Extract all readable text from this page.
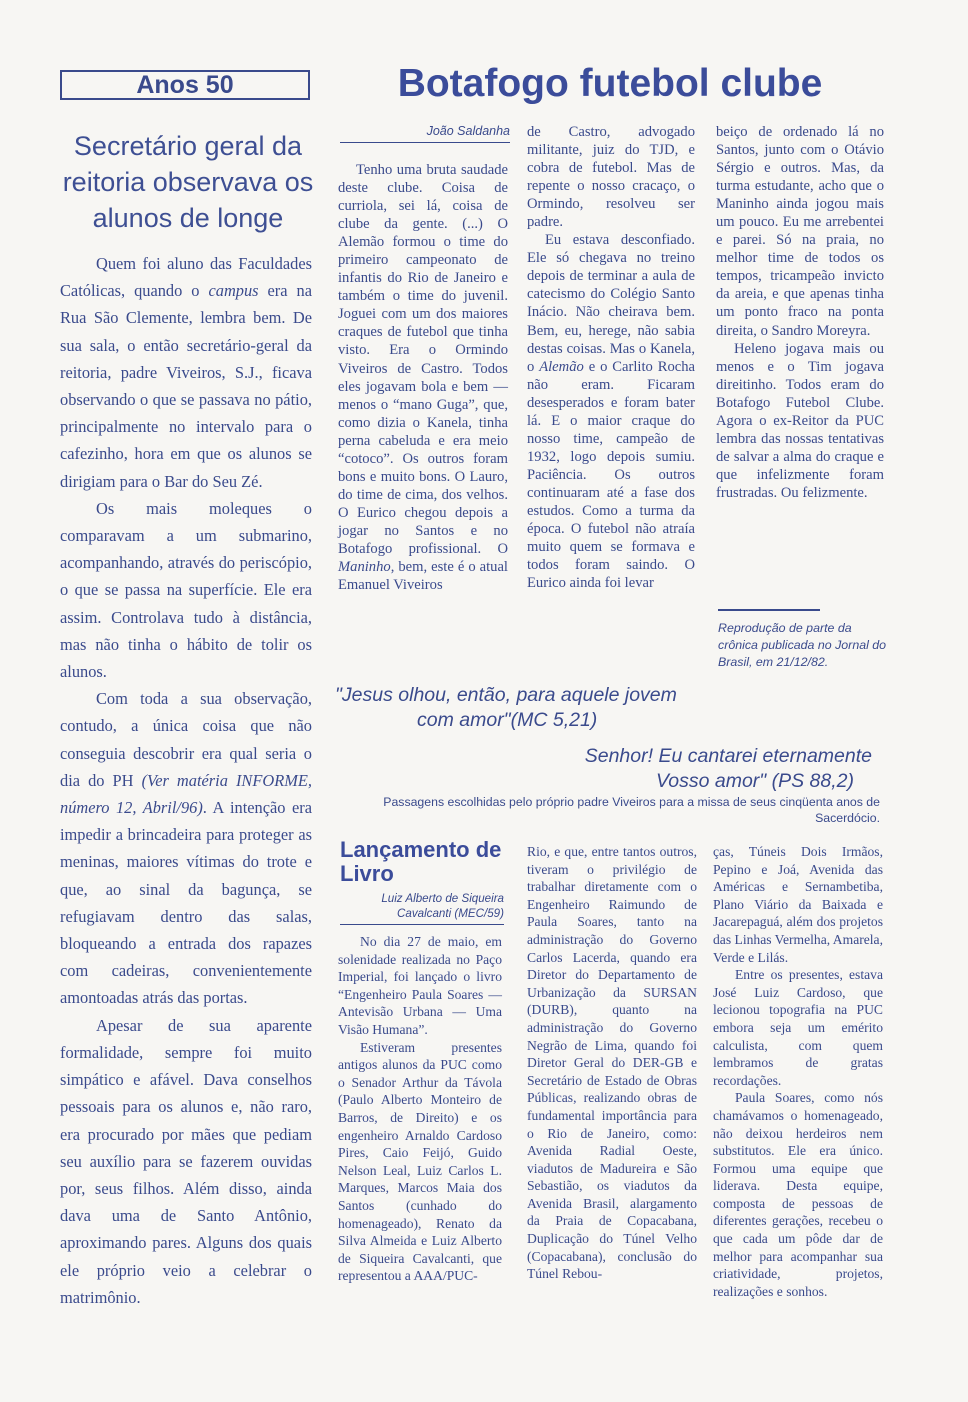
Anos 50
Secretário geral da reitoria observava os alunos de longe

Quem foi aluno das Faculdades Católicas, quando o campus era na Rua São Clemente, lembra bem. De sua sala, o então secretário-geral da reitoria, padre Viveiros, S.J., ficava observando o que se passava no pátio, principalmente no intervalo para o cafezinho, hora em que os alunos se dirigiam para o Bar do Seu Zé.

Os mais moleques o comparavam a um submarino, acompanhando, através do periscópio, o que se passa na superfície. Ele era assim. Controlava tudo à distância, mas não tinha o hábito de tolir os alunos.

Com toda a sua observação, contudo, a única coisa que não conseguia descobrir era qual seria o dia do PH (Ver matéria INFORME, número 12, Abril/96). A intenção era impedir a brincadeira para proteger as meninas, maiores vítimas do trote e que, ao sinal da bagunça, se refugiavam dentro das salas, bloqueando a entrada dos rapazes com cadeiras, convenientemente amontoadas atrás das portas.

Apesar de sua aparente formalidade, sempre foi muito simpático e afável. Dava conselhos pessoais para os alunos e, não raro, era procurado por mães que pediam seu auxílio para se fazerem ouvidas por, seus filhos. Além disso, ainda dava uma de Santo Antônio, aproximando pares. Alguns dos quais ele próprio veio a celebrar o matrimônio.

Botafogo futebol clube
João Saldanha

Tenho uma bruta saudade deste clube. Coisa de curriola, sei lá, coisa de clube da gente. (...) O Alemão formou o time do primeiro campeonato de infantis do Rio de Janeiro e também o time do juvenil. Joguei com um dos maiores craques de futebol que tinha visto. Era o Ormindo Viveiros de Castro. Todos eles jogavam bola e bem — menos o “mano Guga”, que, como dizia o Kanela, tinha perna cabeluda e era meio “cotoco”. Os outros foram bons e muito bons. O Lauro, do time de cima, dos velhos. O Eurico chegou depois a jogar no Santos e no Botafogo profissional. O Maninho, bem, este é o atual Emanuel Viveiros

de Castro, advogado militante, juiz do TJD, e cobra de futebol. Mas de repente o nosso cracaço, o Ormindo, resolveu ser padre.

Eu estava desconfiado. Ele só chegava no treino depois de terminar a aula de catecismo do Colégio Santo Inácio. Não cheirava bem. Bem, eu, herege, não sabia destas coisas. Mas o Kanela, o Alemão e o Carlito Rocha não eram. Ficaram desesperados e foram bater lá. E o maior craque do nosso time, campeão de 1932, logo depois sumiu. Paciência. Os outros continuaram até a fase dos estudos. Como a turma da época. O futebol não atraía muito quem se formava e todos foram saindo. O Eurico ainda foi levar

beiço de ordenado lá no Santos, junto com o Otávio Sérgio e outros. Mas, da turma estudante, acho que o Maninho ainda jogou mais um pouco. Eu me arrebentei e parei. Só na praia, no melhor time de todos os tempos, tricampeão invicto da areia, e que apenas tinha um ponto fraco na ponta direita, o Sandro Moreyra.

Heleno jogava mais ou menos e o Tim jogava direitinho. Todos eram do Botafogo Futebol Clube. Agora o ex-Reitor da PUC lembra das nossas tentativas de salvar a alma do craque e que infelizmente foram frustradas. Ou felizmente.

Reprodução de parte da crônica publicada no Jornal do Brasil, em 21/12/82.
"Jesus olhou, então, para aquele jovem
com amor"(MC 5,21)
Senhor! Eu cantarei eternamente
Vosso amor" (PS 88,2)
Passagens escolhidas pelo próprio padre Viveiros para a missa de seus cinqüenta anos de Sacerdócio.
Lançamento de Livro
Luiz Alberto de Siqueira Cavalcanti (MEC/59)

No dia 27 de maio, em solenidade realizada no Paço Imperial, foi lançado o livro “Engenheiro Paula Soares — Antevisão Urbana — Uma Visão Humana”.

Estiveram presentes antigos alunos da PUC como o Senador Arthur da Távola (Paulo Alberto Monteiro de Barros, de Direito) e os engenheiro Arnaldo Cardoso Pires, Caio Feijó, Guido Nelson Leal, Luiz Carlos L. Marques, Marcos Maia dos Santos (cunhado do homenageado), Renato da Silva Almeida e Luiz Alberto de Siqueira Cavalcanti, que representou a AAA/PUC-

Rio, e que, entre tantos outros, tiveram o privilégio de trabalhar diretamente com o Engenheiro Raimundo de Paula Soares, tanto na administração do Governo Carlos Lacerda, quando era Diretor do Departamento de Urbanização da SURSAN (DURB), quanto na administração do Governo Negrão de Lima, quando foi Diretor Geral do DER-GB e Secretário de Estado de Obras Públicas, realizando obras de fundamental importância para o Rio de Janeiro, como: Avenida Radial Oeste, viadutos de Madureira e São Sebastião, os viadutos da Avenida Brasil, alargamento da Praia de Copacabana, Duplicação do Túnel Velho (Copacabana), conclusão do Túnel Rebou-

ças, Túneis Dois Irmãos, Pepino e Joá, Avenida das Américas e Sernambetiba, Plano Viário da Baixada e Jacarepaguá, além dos projetos das Linhas Vermelha, Amarela, Verde e Lilás.

Entre os presentes, estava José Luiz Cardoso, que lecionou topografia na PUC embora seja um emérito calculista, com quem lembramos de gratas recordações.

Paula Soares, como nós chamávamos o homenageado, não deixou herdeiros nem substitutos. Ele era único. Formou uma equipe que liderava. Desta equipe, composta de pessoas de diferentes gerações, recebeu o que cada um pôde dar de melhor para acompanhar sua criatividade, projetos, realizações e sonhos.
